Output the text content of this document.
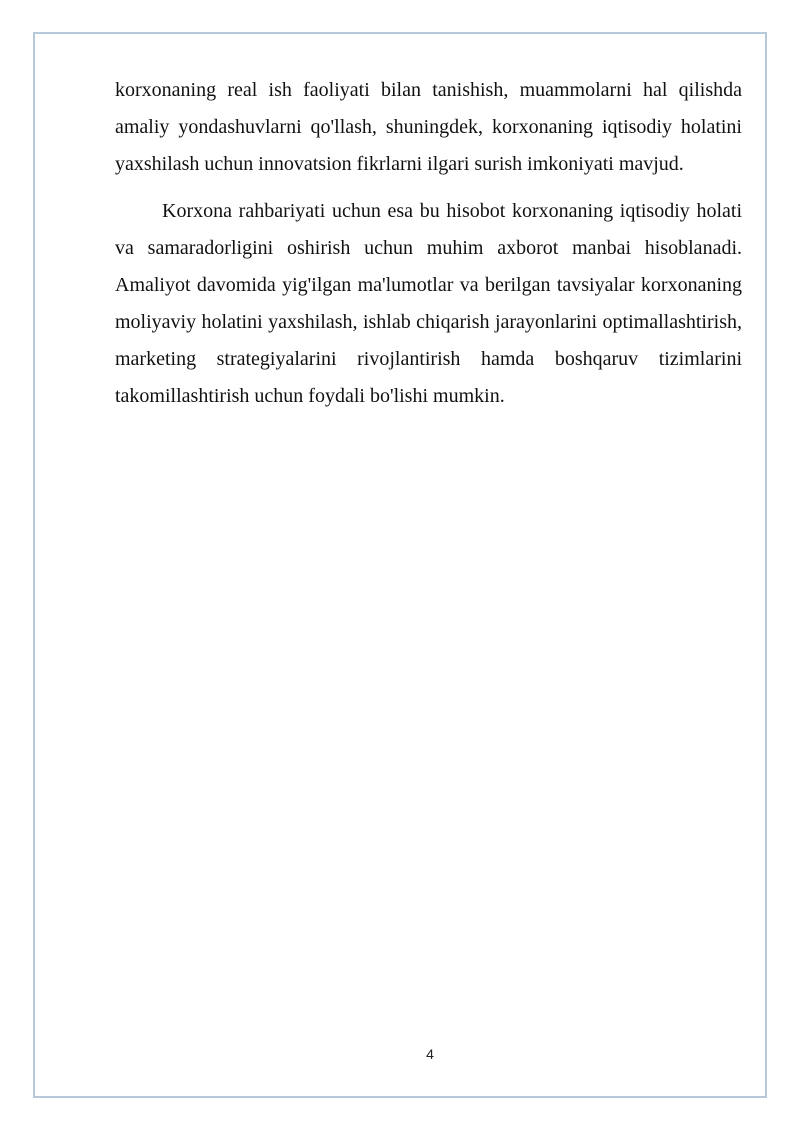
korxonaning real ish faoliyati bilan tanishish, muammolarni hal qilishda amaliy yondashuvlarni qo'llash, shuningdek, korxonaning iqtisodiy holatini yaxshilash uchun innovatsion fikrlarni ilgari surish imkoniyati mavjud.

Korxona rahbariyati uchun esa bu hisobot korxonaning iqtisodiy holati va samaradorligini oshirish uchun muhim axborot manbai hisoblanadi. Amaliyot davomida yig'ilgan ma'lumotlar va berilgan tavsiyalar korxonaning moliyaviy holatini yaxshilash, ishlab chiqarish jarayonlarini optimallashtirish, marketing strategiyalarini rivojlantirish hamda boshqaruv tizimlarini takomillashtirish uchun foydali bo'lishi mumkin.

4
